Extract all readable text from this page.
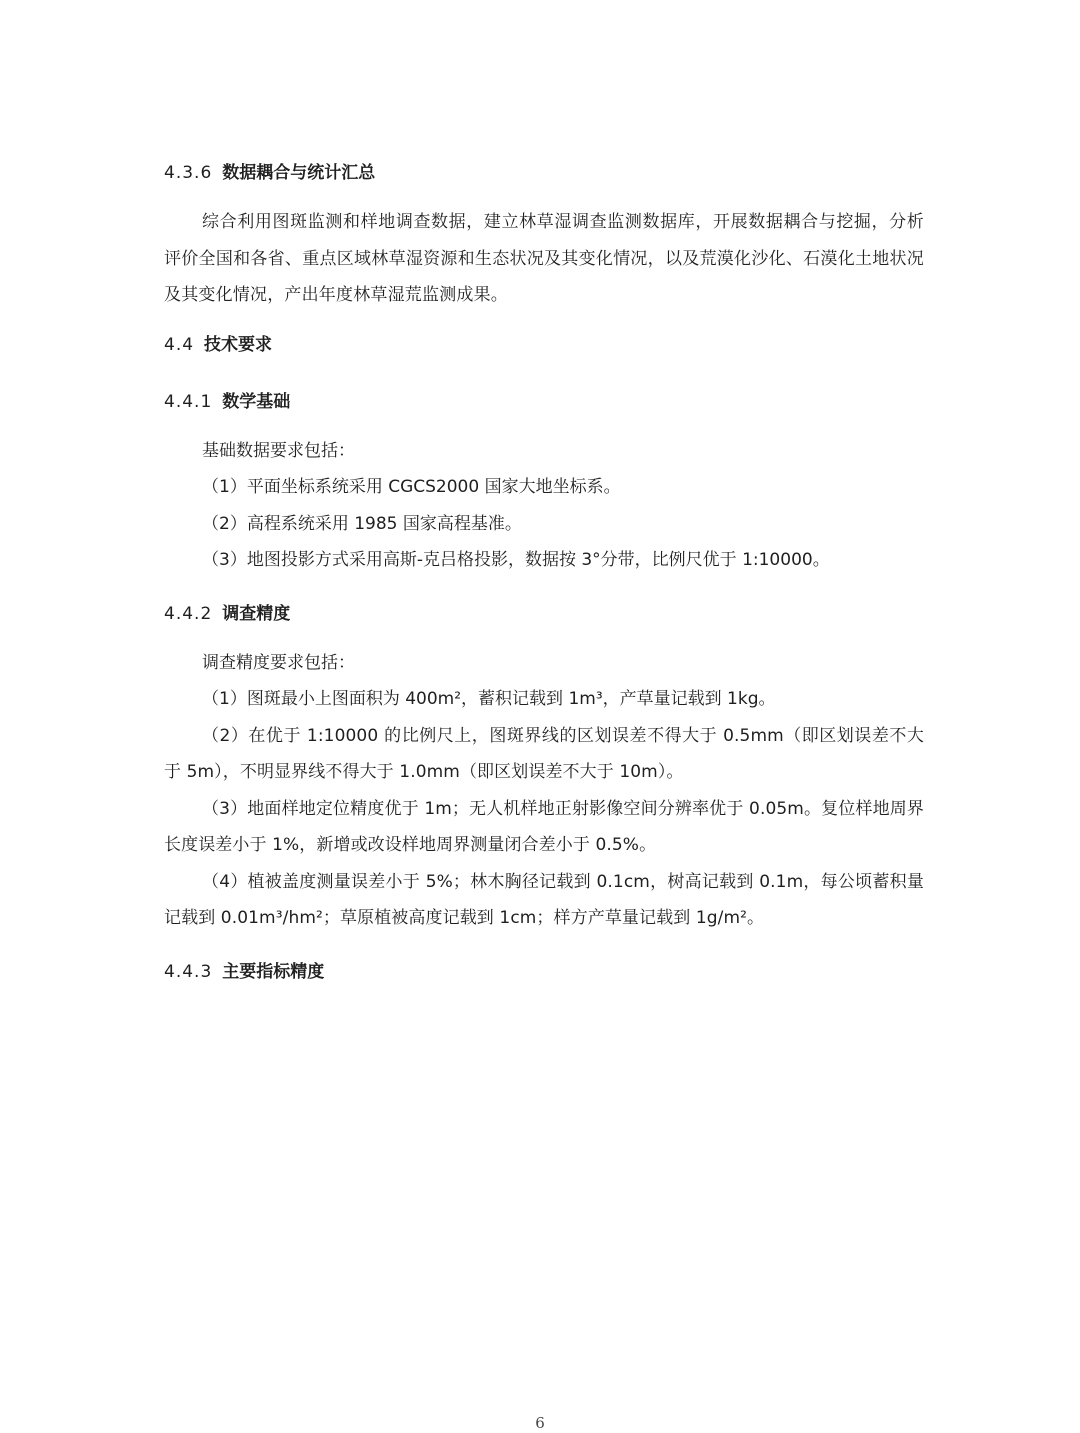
4.3.6 数据耦合与统计汇总

综合利用图斑监测和样地调查数据，建立林草湿调查监测数据库，开展数据耦合与挖掘，分析评价全国和各省、重点区域林草湿资源和生态状况及其变化情况，以及荒漠化沙化、石漠化土地状况及其变化情况，产出年度林草湿荒监测成果。

4.4 技术要求
4.4.1 数学基础

基础数据要求包括：

（1）平面坐标系统采用 CGCS2000 国家大地坐标系。

（2）高程系统采用 1985 国家高程基准。

（3）地图投影方式采用高斯-克吕格投影，数据按 3°分带，比例尺优于 1:10000。

4.4.2 调查精度

调查精度要求包括：

（1）图斑最小上图面积为 400m²，蓄积记载到 1m³，产草量记载到 1kg。

（2）在优于 1:10000 的比例尺上，图斑界线的区划误差不得大于 0.5mm（即区划误差不大于 5m），不明显界线不得大于 1.0mm（即区划误差不大于 10m）。

（3）地面样地定位精度优于 1m；无人机样地正射影像空间分辨率优于 0.05m。复位样地周界长度误差小于 1%，新增或改设样地周界测量闭合差小于 0.5%。

（4）植被盖度测量误差小于 5%；林木胸径记载到 0.1cm，树高记载到 0.1m，每公顷蓄积量记载到 0.01m³/hm²；草原植被高度记载到 1cm；样方产草量记载到 1g/m²。

4.4.3 主要指标精度
6
